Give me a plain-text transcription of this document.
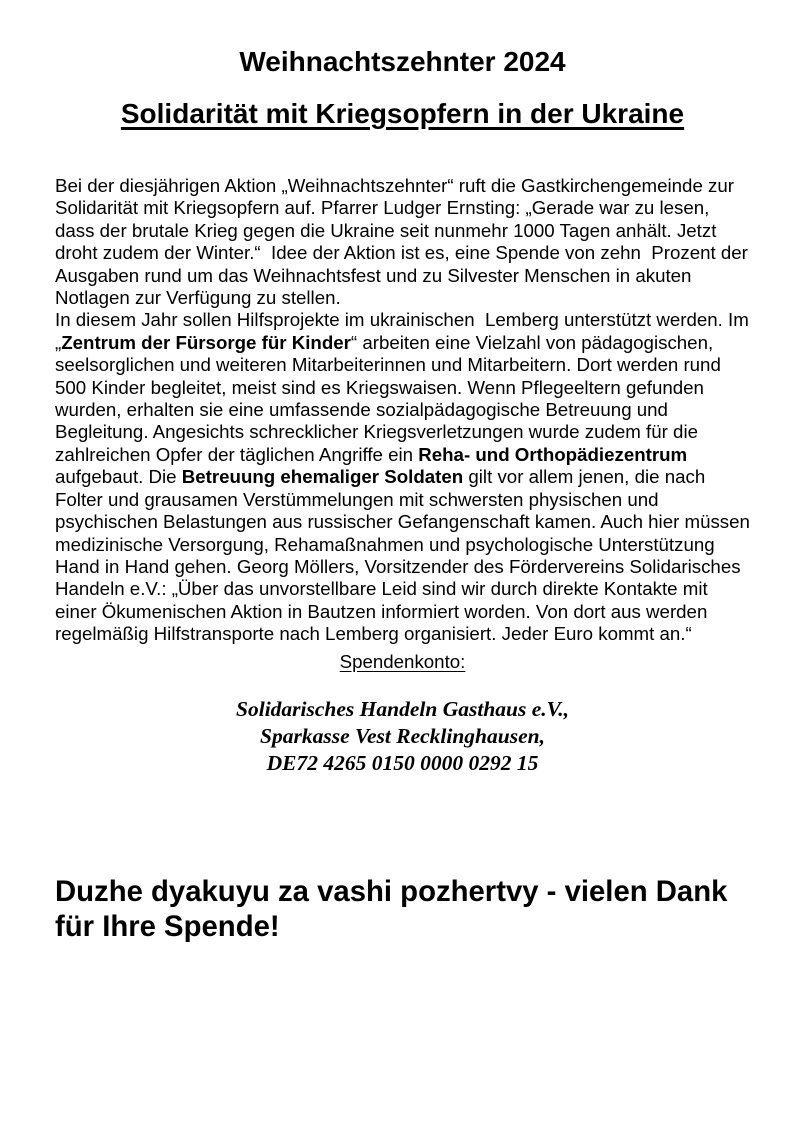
Weihnachtszehnter 2024
Solidarität mit Kriegsopfern in der Ukraine

Bei der diesjährigen Aktion „Weihnachtszehnter“ ruft die Gastkirchengemeinde zur Solidarität mit Kriegsopfern auf. Pfarrer Ludger Ernsting: „Gerade war zu lesen, dass der brutale Krieg gegen die Ukraine seit nunmehr 1000 Tagen anhält. Jetzt droht zudem der Winter.“  Idee der Aktion ist es, eine Spende von zehn  Prozent der Ausgaben rund um das Weihnachtsfest und zu Silvester Menschen in akuten Notlagen zur Verfügung zu stellen.

In diesem Jahr sollen Hilfsprojekte im ukrainischen  Lemberg unterstützt werden. Im „Zentrum der Fürsorge für Kinder“ arbeiten eine Vielzahl von pädagogischen, seelsorglichen und weiteren Mitarbeiterinnen und Mitarbeitern. Dort werden rund 500 Kinder begleitet, meist sind es Kriegswaisen. Wenn Pflegeeltern gefunden wurden, erhalten sie eine umfassende sozialpädagogische Betreuung und Begleitung. Angesichts schrecklicher Kriegsverletzungen wurde zudem für die zahlreichen Opfer der täglichen Angriffe ein Reha- und Orthopädiezentrum aufgebaut. Die Betreuung ehemaliger Soldaten gilt vor allem jenen, die nach Folter und grausamen Verstümmelungen mit schwersten physischen und psychischen Belastungen aus russischer Gefangenschaft kamen. Auch hier müssen medizinische Versorgung, Rehamaßnahmen und psychologische Unterstützung Hand in Hand gehen. Georg Möllers, Vorsitzender des Fördervereins Solidarisches Handeln e.V.: „Über das unvorstellbare Leid sind wir durch direkte Kontakte mit einer Ökumenischen Aktion in Bautzen informiert worden. Von dort aus werden regelmäßig Hilfstransporte nach Lemberg organisiert. Jeder Euro kommt an.“

Spendenkonto:
Solidarisches Handeln Gasthaus e.V.,
Sparkasse Vest Recklinghausen,
DE72 4265 0150 0000 0292 15
Duzhe dyakuyu za vashi pozhertvy - vielen Dank für Ihre Spende!
